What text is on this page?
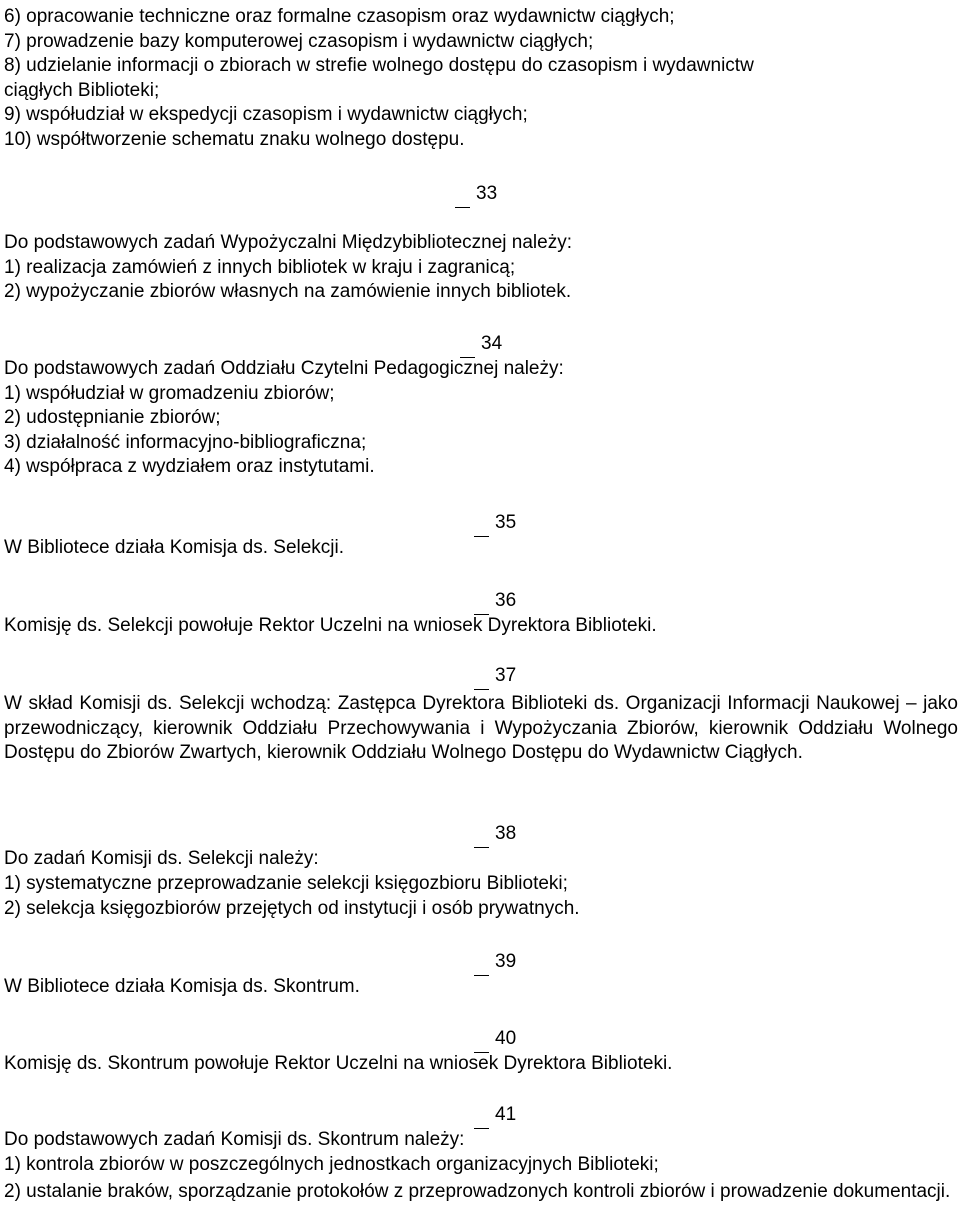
6) opracowanie techniczne oraz formalne czasopism oraz wydawnictw ciągłych;
7) prowadzenie bazy komputerowej czasopism i wydawnictw ciągłych;
8) udzielanie informacji o zbiorach w strefie wolnego dostępu do czasopism i wydawnictw
ciągłych Biblioteki;
9) współudział w ekspedycji czasopism i wydawnictw ciągłych;
10) współtworzenie schematu znaku wolnego dostępu.
33
Do podstawowych zadań Wypożyczalni Międzybibliotecznej należy:
1) realizacja zamówień z innych bibliotek w kraju i zagranicą;
2) wypożyczanie zbiorów własnych na zamówienie innych bibliotek.
34
Do podstawowych zadań Oddziału Czytelni Pedagogicznej należy:
1) współudział w gromadzeniu zbiorów;
2) udostępnianie zbiorów;
3) działalność informacyjno-bibliograficzna;
4) współpraca z wydziałem oraz instytutami.
35
W Bibliotece działa Komisja ds. Selekcji.
36
Komisję ds. Selekcji powołuje Rektor Uczelni na wniosek Dyrektora Biblioteki.
37
W skład Komisji ds. Selekcji wchodzą: Zastępca Dyrektora Biblioteki ds. Organizacji Informacji Naukowej – jako przewodniczący, kierownik Oddziału Przechowywania i Wypożyczania Zbiorów, kierownik Oddziału Wolnego Dostępu do Zbiorów Zwartych, kierownik Oddziału Wolnego Dostępu do Wydawnictw Ciągłych.
38
Do zadań Komisji ds. Selekcji należy:
1) systematyczne przeprowadzanie selekcji księgozbioru Biblioteki;
2) selekcja księgozbiorów przejętych od instytucji i osób prywatnych.
39
W Bibliotece działa Komisja ds. Skontrum.
40
Komisję ds. Skontrum powołuje Rektor Uczelni na wniosek Dyrektora Biblioteki.
41
Do podstawowych zadań Komisji ds. Skontrum należy:
1) kontrola zbiorów w poszczególnych jednostkach organizacyjnych Biblioteki;
2) ustalanie braków, sporządzanie protokołów z przeprowadzonych kontroli zbiorów i prowadzenie dokumentacji.
